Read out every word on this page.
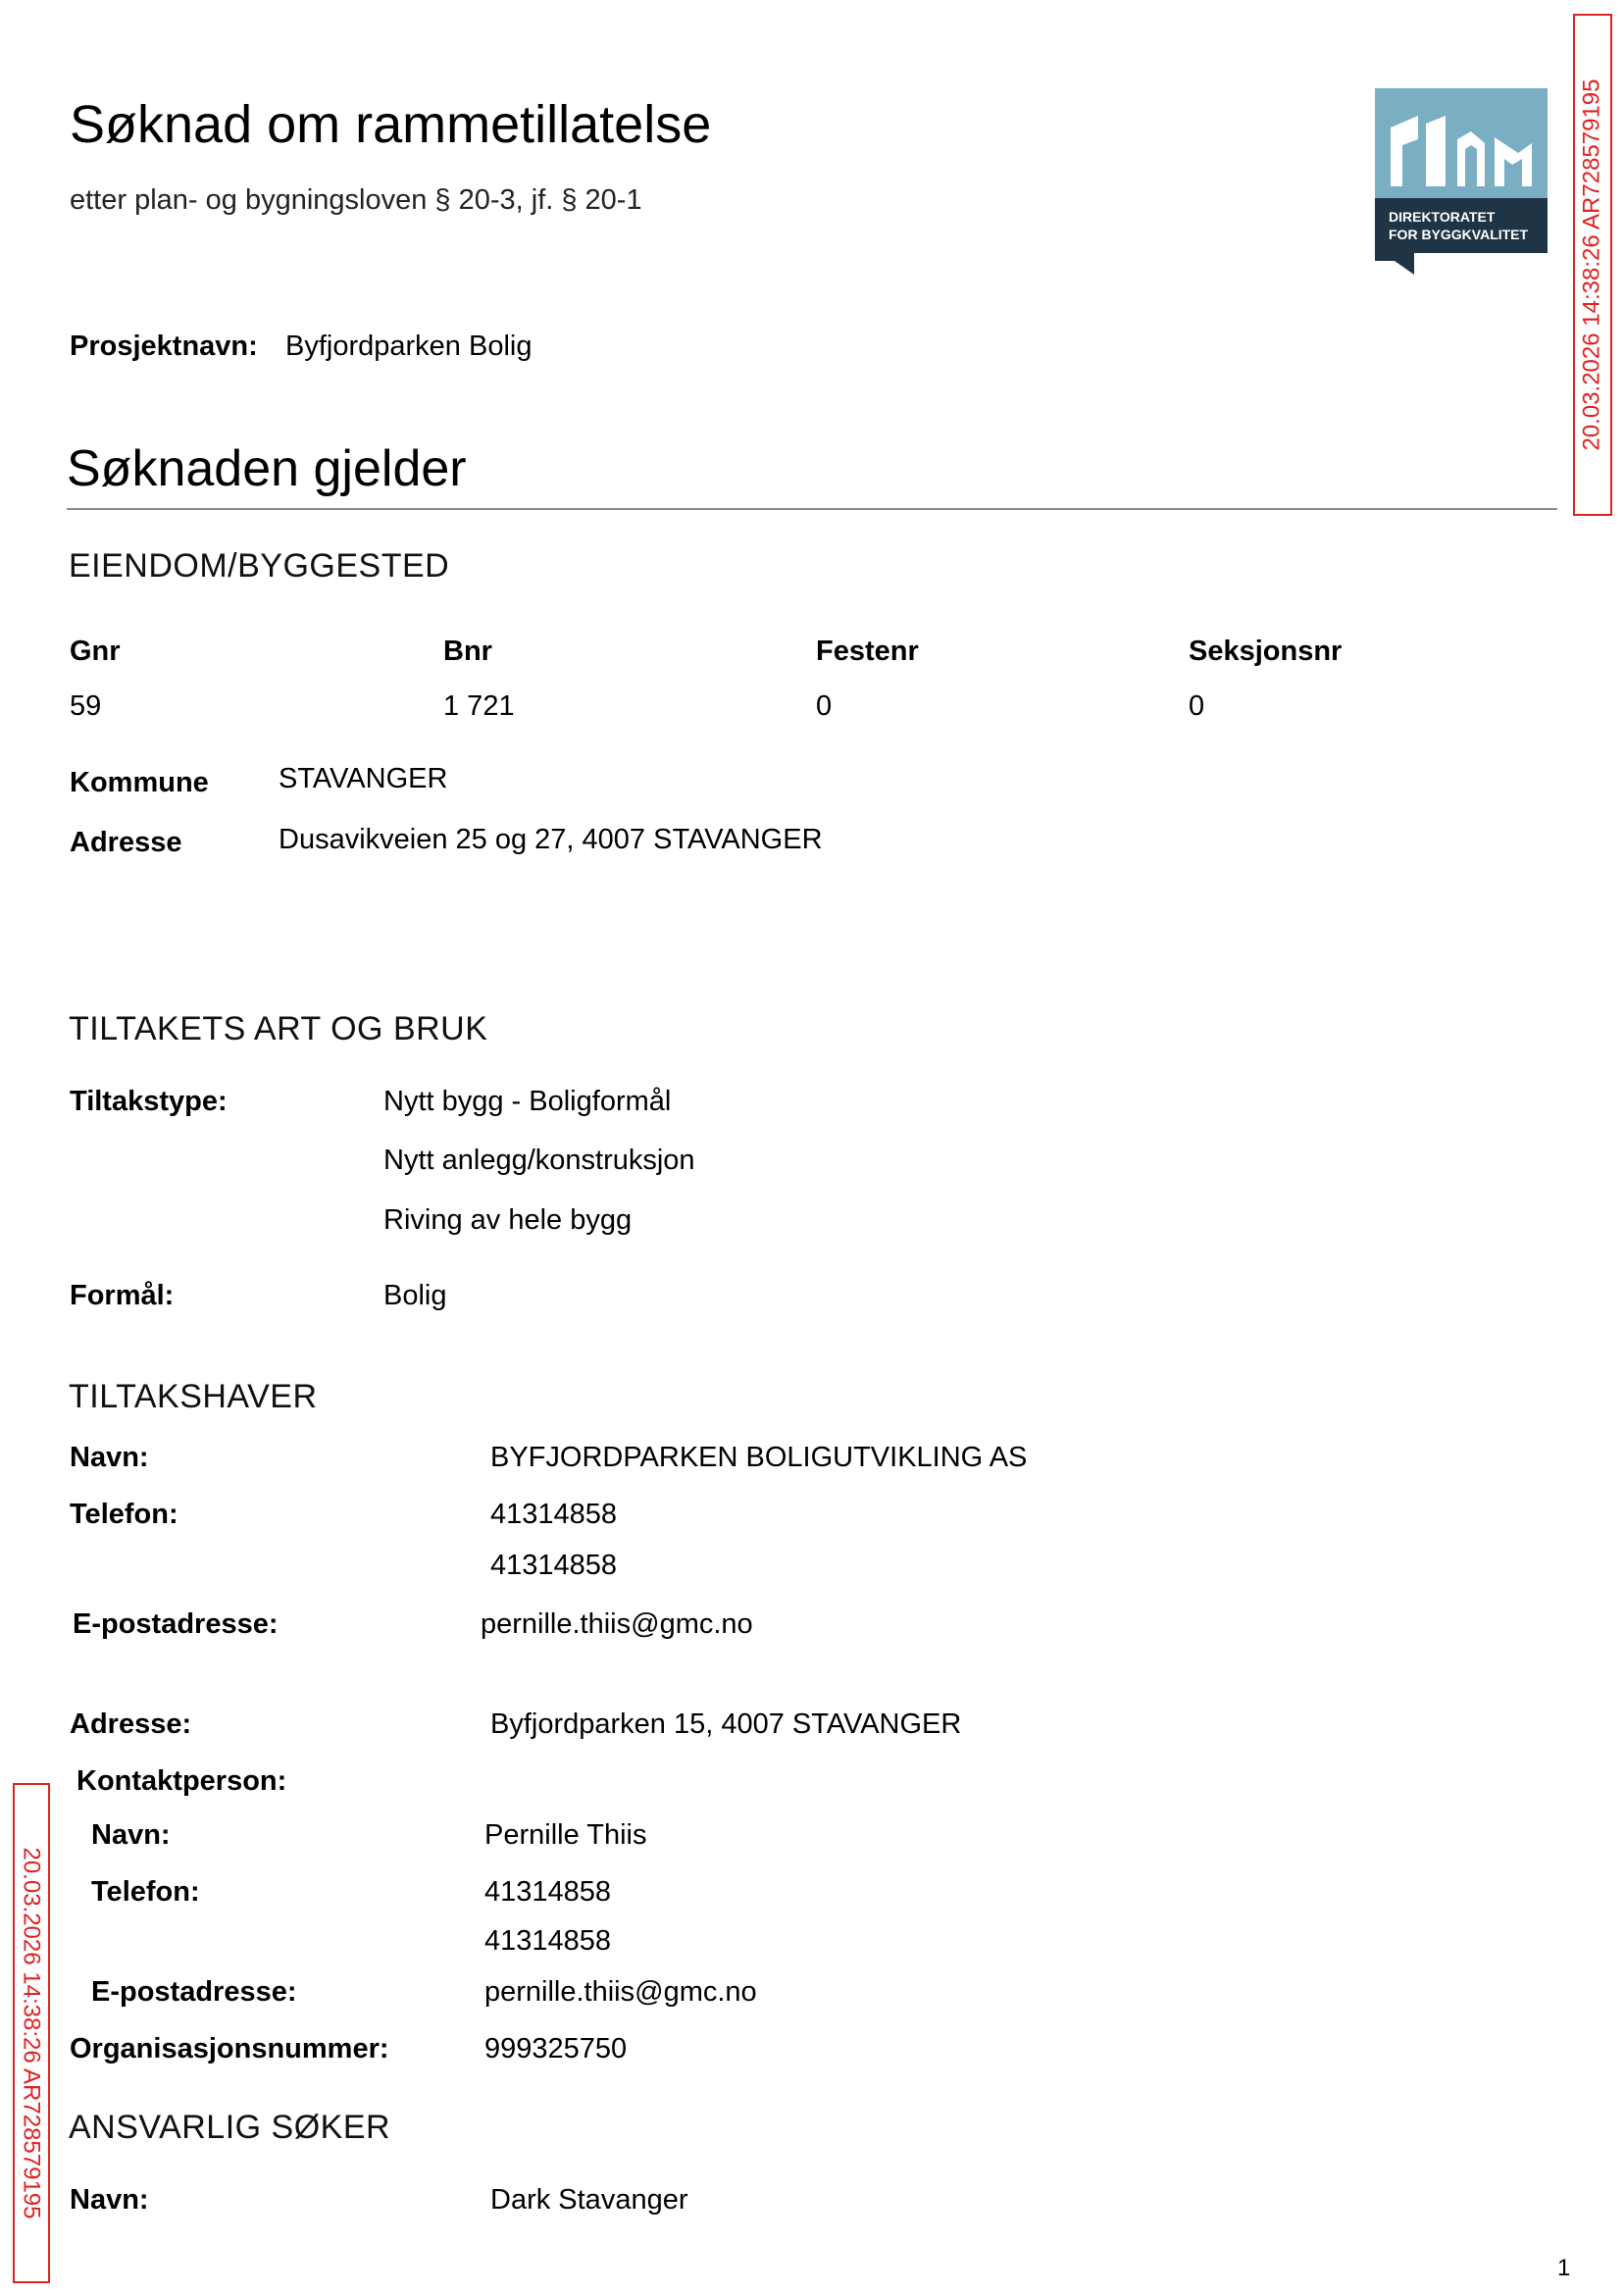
Søknad om rammetillatelse
etter plan- og bygningsloven § 20-3, jf. § 20-1
DIREKTORATET
FOR BYGGKVALITET 20.03.2026 14:38:26 AR728579195
20.03.2026 14:38:26 AR728579195
Prosjektnavn: Byfjordparken Bolig
Søknaden gjelder
EIENDOM/BYGGESTED
Gnr	Bnr	Festenr	Seksjonsnr
59	1 721	0	0
Kommune STAVANGER
Adresse	Dusavikveien 25 og 27, 4007 STAVANGER
TILTAKETS ART OG BRUK
Tiltakstype:	Nytt bygg - Boligformål
Nytt anlegg/konstruksjon
Riving av hele bygg
Formål:	Bolig
TILTAKSHAVER
Navn:	BYFJORDPARKEN BOLIGUTVIKLING AS
Telefon:	41314858
41314858
E-postadresse:	pernille.thiis@gmc.no
Adresse:	Byfjordparken 15, 4007 STAVANGER
Kontaktperson:
Navn:	Pernille Thiis
Telefon:	41314858
41314858
E-postadresse:	pernille.thiis@gmc.no
Organisasjonsnummer:	999325750
ANSVARLIG SØKER
Navn:	Dark Stavanger
1
